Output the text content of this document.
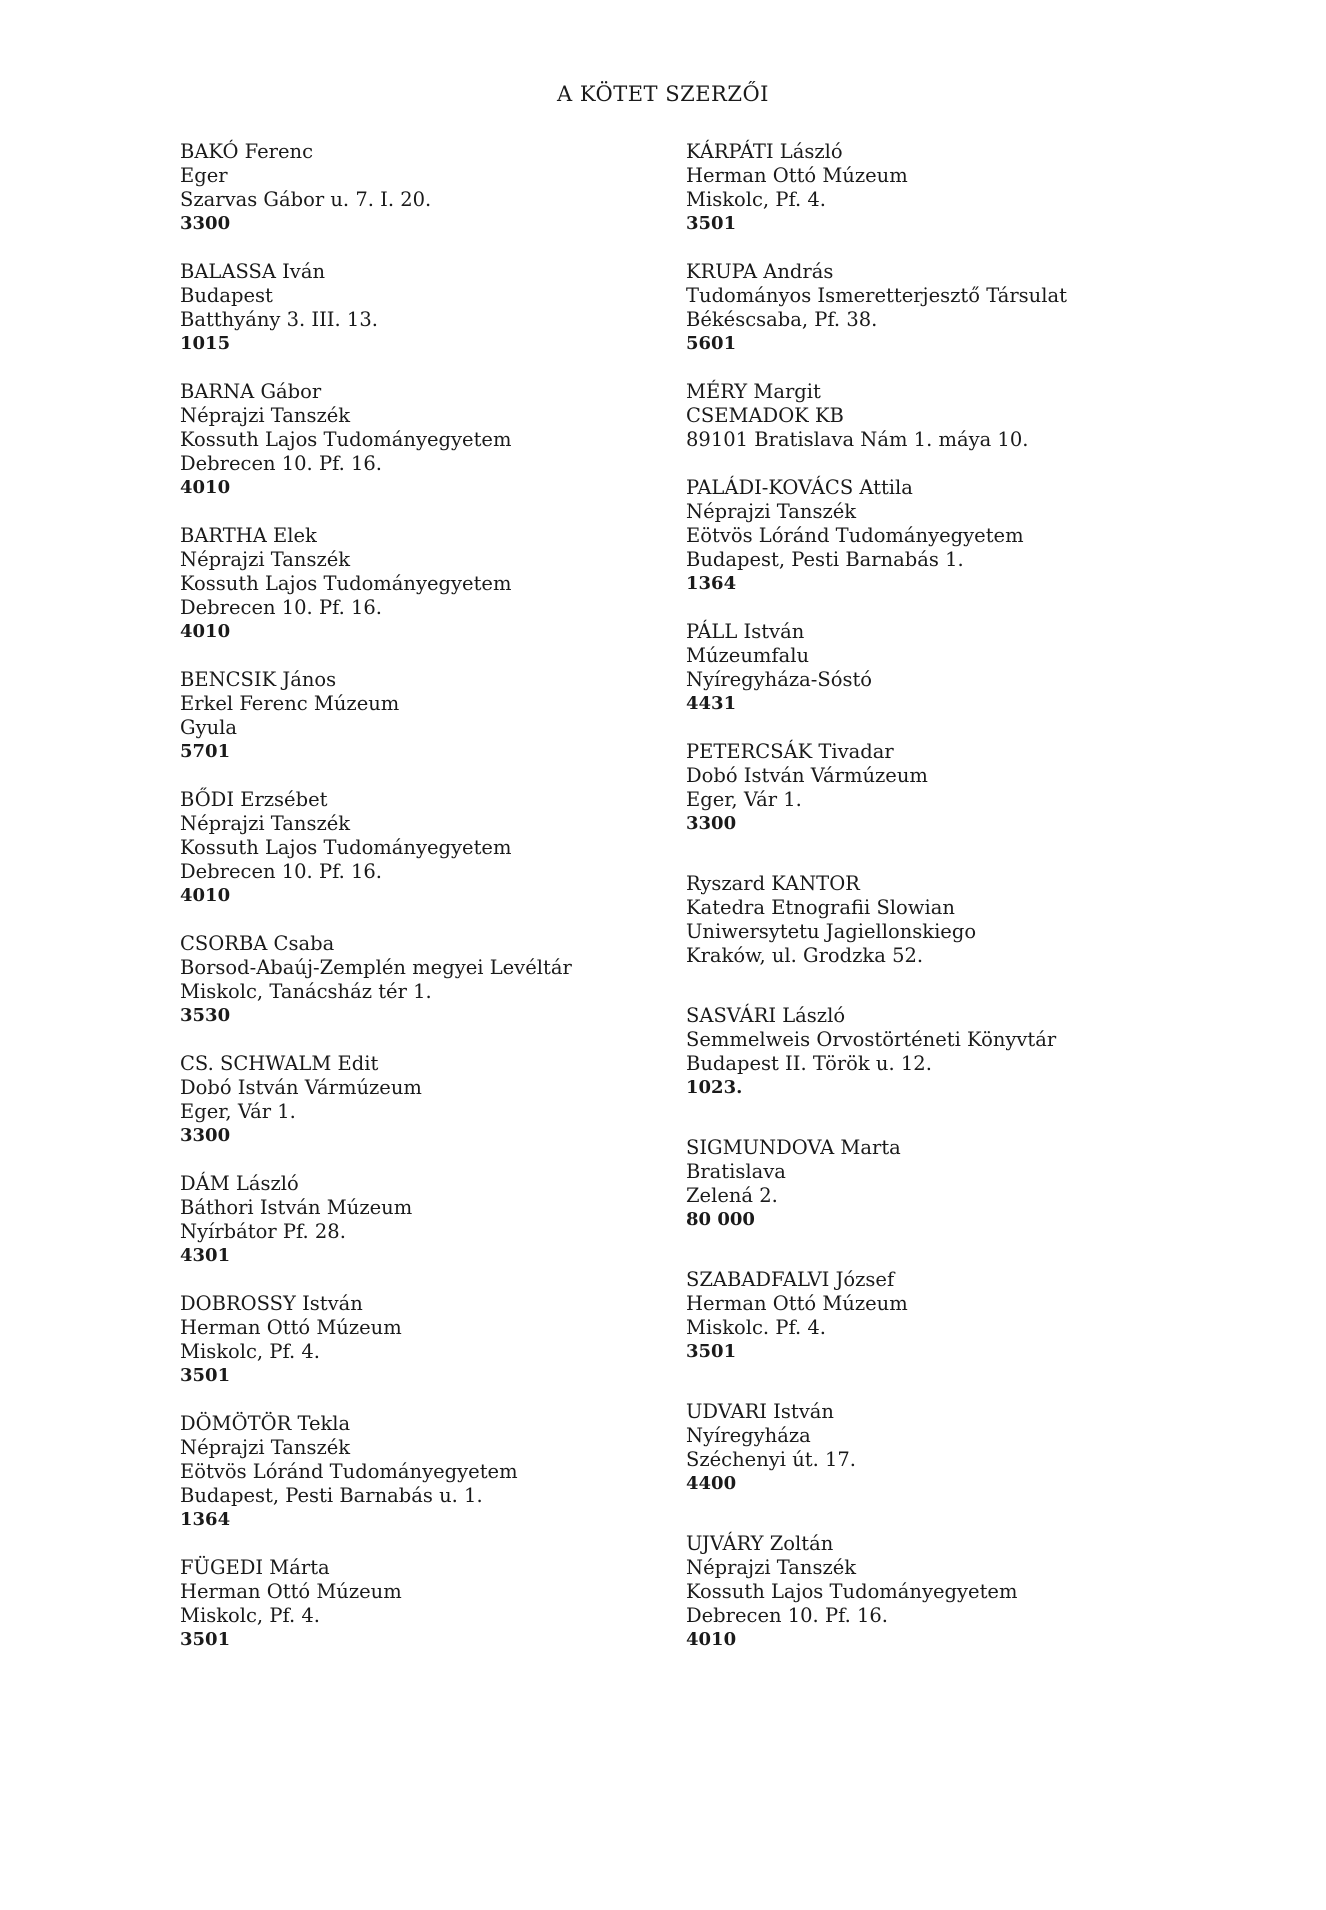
A KÖTET SZERZŐI
BAKÓ Ferenc
Eger
Szarvas Gábor u. 7. I. 20.
3300
BALASSA Iván
Budapest
Batthyány 3. III. 13.
1015
BARNA Gábor
Néprajzi Tanszék
Kossuth Lajos Tudományegyetem
Debrecen 10. Pf. 16.
4010
BARTHA Elek
Néprajzi Tanszék
Kossuth Lajos Tudományegyetem
Debrecen 10. Pf. 16.
4010
BENCSIK János
Erkel Ferenc Múzeum
Gyula
5701
BŐDI Erzsébet
Néprajzi Tanszék
Kossuth Lajos Tudományegyetem
Debrecen 10. Pf. 16.
4010
CSORBA Csaba
Borsod-Abaúj-Zemplén megyei Levéltár
Miskolc, Tanácsház tér 1.
3530
CS. SCHWALM Edit
Dobó István Vármúzeum
Eger, Vár 1.
3300
DÁM László
Báthori István Múzeum
Nyírbátor Pf. 28.
4301
DOBROSSY István
Herman Ottó Múzeum
Miskolc, Pf. 4.
3501
DÖMÖTÖR Tekla
Néprajzi Tanszék
Eötvös Lóránd Tudományegyetem
Budapest, Pesti Barnabás u. 1.
1364
FÜGEDI Márta
Herman Ottó Múzeum
Miskolc, Pf. 4.
3501
KÁRPÁTI László
Herman Ottó Múzeum
Miskolc, Pf. 4.
3501
KRUPA András
Tudományos Ismeretterjesztő Társulat
Békéscsaba, Pf. 38.
5601
MÉRY Margit
CSEMADOK KB
89101 Bratislava Nám 1. máya 10.
PALÁDI-KOVÁCS Attila
Néprajzi Tanszék
Eötvös Lóránd Tudományegyetem
Budapest, Pesti Barnabás 1.
1364
PÁLL István
Múzeumfalu
Nyíregyháza-Sóstó
4431
PETERCSÁK Tivadar
Dobó István Vármúzeum
Eger, Vár 1.
3300
Ryszard KANTOR
Katedra Etnografii Slowian
Uniwersytetu Jagiellonskiego
Kraków, ul. Grodzka 52.
SASVÁRI László
Semmelweis Orvostörténeti Könyvtár
Budapest II. Török u. 12.
1023.
SIGMUNDOVA Marta
Bratislava
Zelená 2.
80 000
SZABADFALVI József
Herman Ottó Múzeum
Miskolc. Pf. 4.
3501
UDVARI István
Nyíregyháza
Széchenyi út. 17.
4400
UJVÁRY Zoltán
Néprajzi Tanszék
Kossuth Lajos Tudományegyetem
Debrecen 10. Pf. 16.
4010
